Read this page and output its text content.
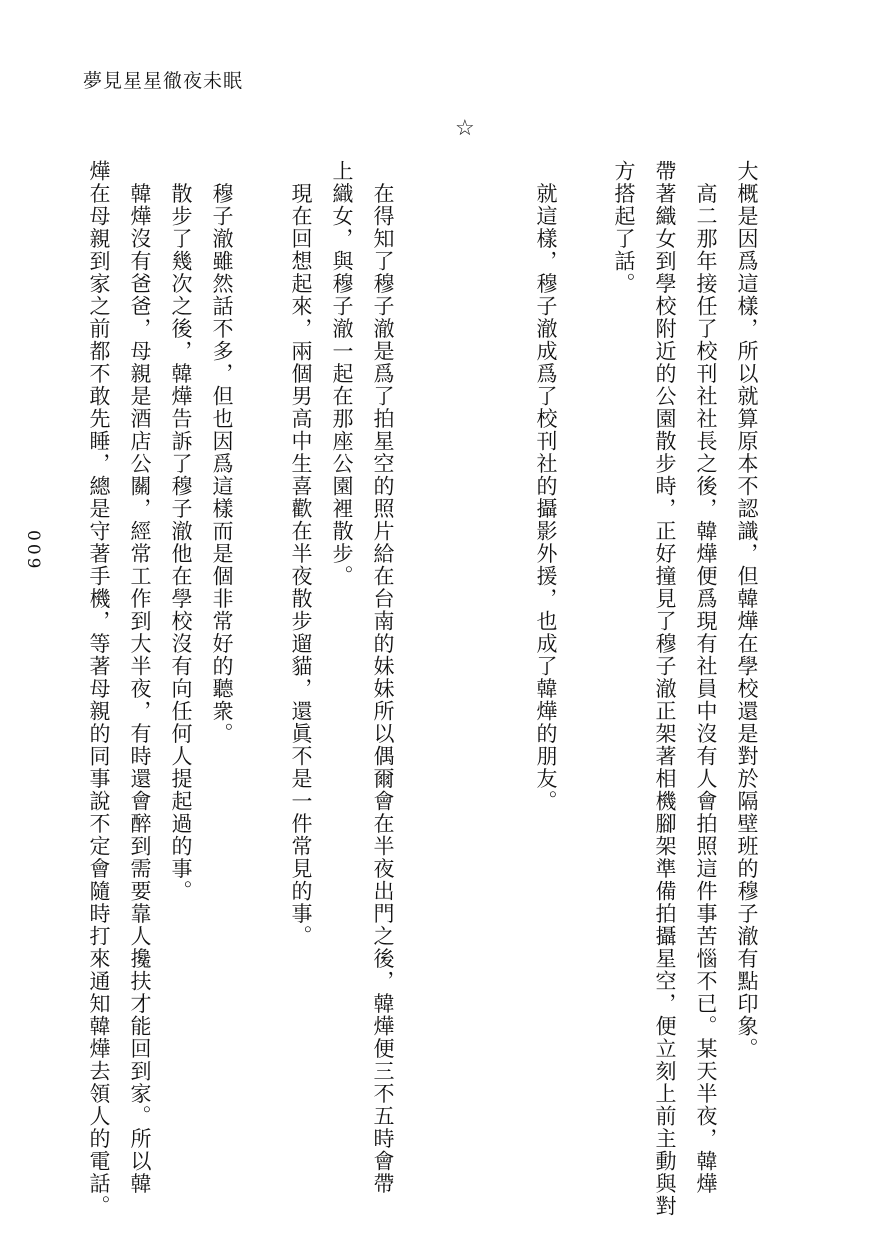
夢見星星徹夜未眠
大概是因爲這樣，所以就算原本不認識，但韓燁在學校還是對於隔壁班的穆子澈有點印象。
　高二那年接任了校刊社社長之後，韓燁便爲現有社員中沒有人會拍照這件事苦惱不已。某天半夜，韓燁
帶著織女到學校附近的公園散步時，正好撞見了穆子澈正架著相機腳架準備拍攝星空，便立刻上前主動與對
方搭起了話。
　就這樣，穆子澈成爲了校刊社的攝影外援，也成了韓燁的朋友。
☆
　在得知了穆子澈是爲了拍星空的照片給在台南的妹妹所以偶爾會在半夜出門之後，韓燁便三不五時會帶
上織女，與穆子澈一起在那座公園裡散步。
　現在回想起來，兩個男高中生喜歡在半夜散步遛貓，還眞不是一件常見的事。
　穆子澈雖然話不多，但也因爲這樣而是個非常好的聽衆。
　散步了幾次之後，韓燁告訴了穆子澈他在學校沒有向任何人提起過的事。
　韓燁沒有爸爸，母親是酒店公關，經常工作到大半夜，有時還會醉到需要靠人攙扶才能回到家。所以韓
燁在母親到家之前都不敢先睡，總是守著手機，等著母親的同事說不定會隨時打來通知韓燁去領人的電話。
009
